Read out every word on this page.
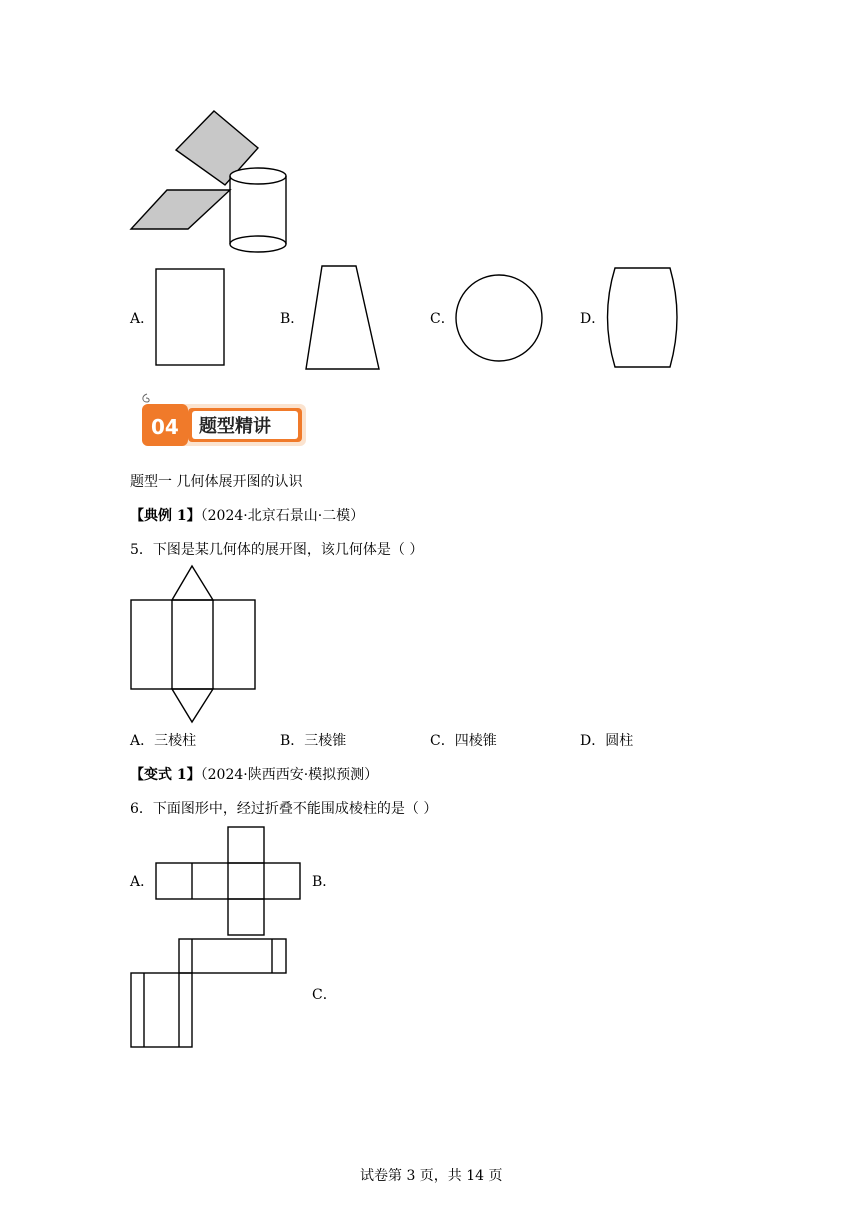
A．	B．	C．	D．
04 题型精讲
题型一 几何体展开图的认识
【典例 1】（2024·北京石景山·二模）
5．下图是某几何体的展开图，该几何体是（ ）
A．三棱柱	B．三棱锥	C．四棱锥	D．圆柱
【变式 1】（2024·陕西西安·模拟预测）
6．下面图形中，经过折叠不能围成棱柱的是（ ）
A．	B．
C．
试卷第 3 页，共 14 页
